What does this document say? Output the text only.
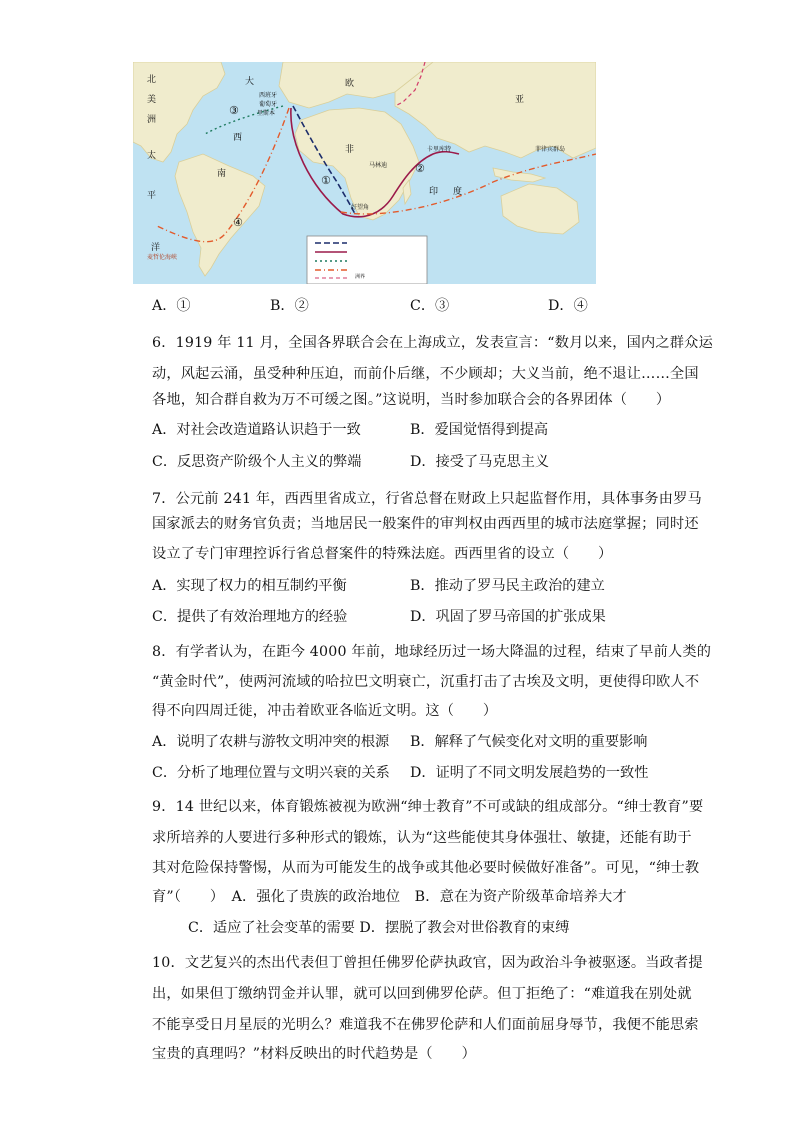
北
美
洲
大	欧
亚
西班牙
葡萄牙
里斯本
西
非
马林迪
卡里库特	菲律宾群岛
南
太
平
洋
印 度
好望角
麦哲伦海峡
洲界
①
②
③
④
A．①	B．②	C．③	D．④
6．1919 年 11 月，全国各界联合会在上海成立，发表宣言：“数月以来，国内之群众运
动，风起云涌，虽受种种压迫，而前仆后继，不少顾却；大义当前，绝不退让……全国
各地，知合群自救为万不可缓之图。”这说明，当时参加联合会的各界团体（　　）
A．对社会改造道路认识趋于一致	B．爱国觉悟得到提高
C．反思资产阶级个人主义的弊端	D．接受了马克思主义
7．公元前 241 年，西西里省成立，行省总督在财政上只起监督作用，具体事务由罗马
国家派去的财务官负责；当地居民一般案件的审判权由西西里的城市法庭掌握；同时还
设立了专门审理控诉行省总督案件的特殊法庭。西西里省的设立（　　）
A．实现了权力的相互制约平衡	B．推动了罗马民主政治的建立
C．提供了有效治理地方的经验	D．巩固了罗马帝国的扩张成果
8．有学者认为，在距今 4000 年前，地球经历过一场大降温的过程，结束了早前人类的
“黄金时代”，使两河流域的哈拉巴文明衰亡，沉重打击了古埃及文明，更使得印欧人不
得不向四周迁徙，冲击着欧亚各临近文明。这（　　）
A．说明了农耕与游牧文明冲突的根源 B．解释了气候变化对文明的重要影响
C．分析了地理位置与文明兴衰的关系 D．证明了不同文明发展趋势的一致性
9．14 世纪以来，体育锻炼被视为欧洲“绅士教育”不可或缺的组成部分。“绅士教育”要
求所培养的人要进行多种形式的锻炼，认为“这些能使其身体强壮、敏捷，还能有助于
其对危险保持警惕，从而为可能发生的战争或其他必要时候做好准备”。可见，“绅士教
育”（　　）　A．强化了贵族的政治地位　B．意在为资产阶级革命培养大才
C．适应了社会变革的需要 D．摆脱了教会对世俗教育的束缚
10．文艺复兴的杰出代表但丁曾担任佛罗伦萨执政官，因为政治斗争被驱逐。当政者提
出，如果但丁缴纳罚金并认罪，就可以回到佛罗伦萨。但丁拒绝了：“难道我在别处就
不能享受日月星辰的光明么？难道我不在佛罗伦萨和人们面前屈身辱节，我便不能思索
宝贵的真理吗？”材料反映出的时代趋势是（　　）
